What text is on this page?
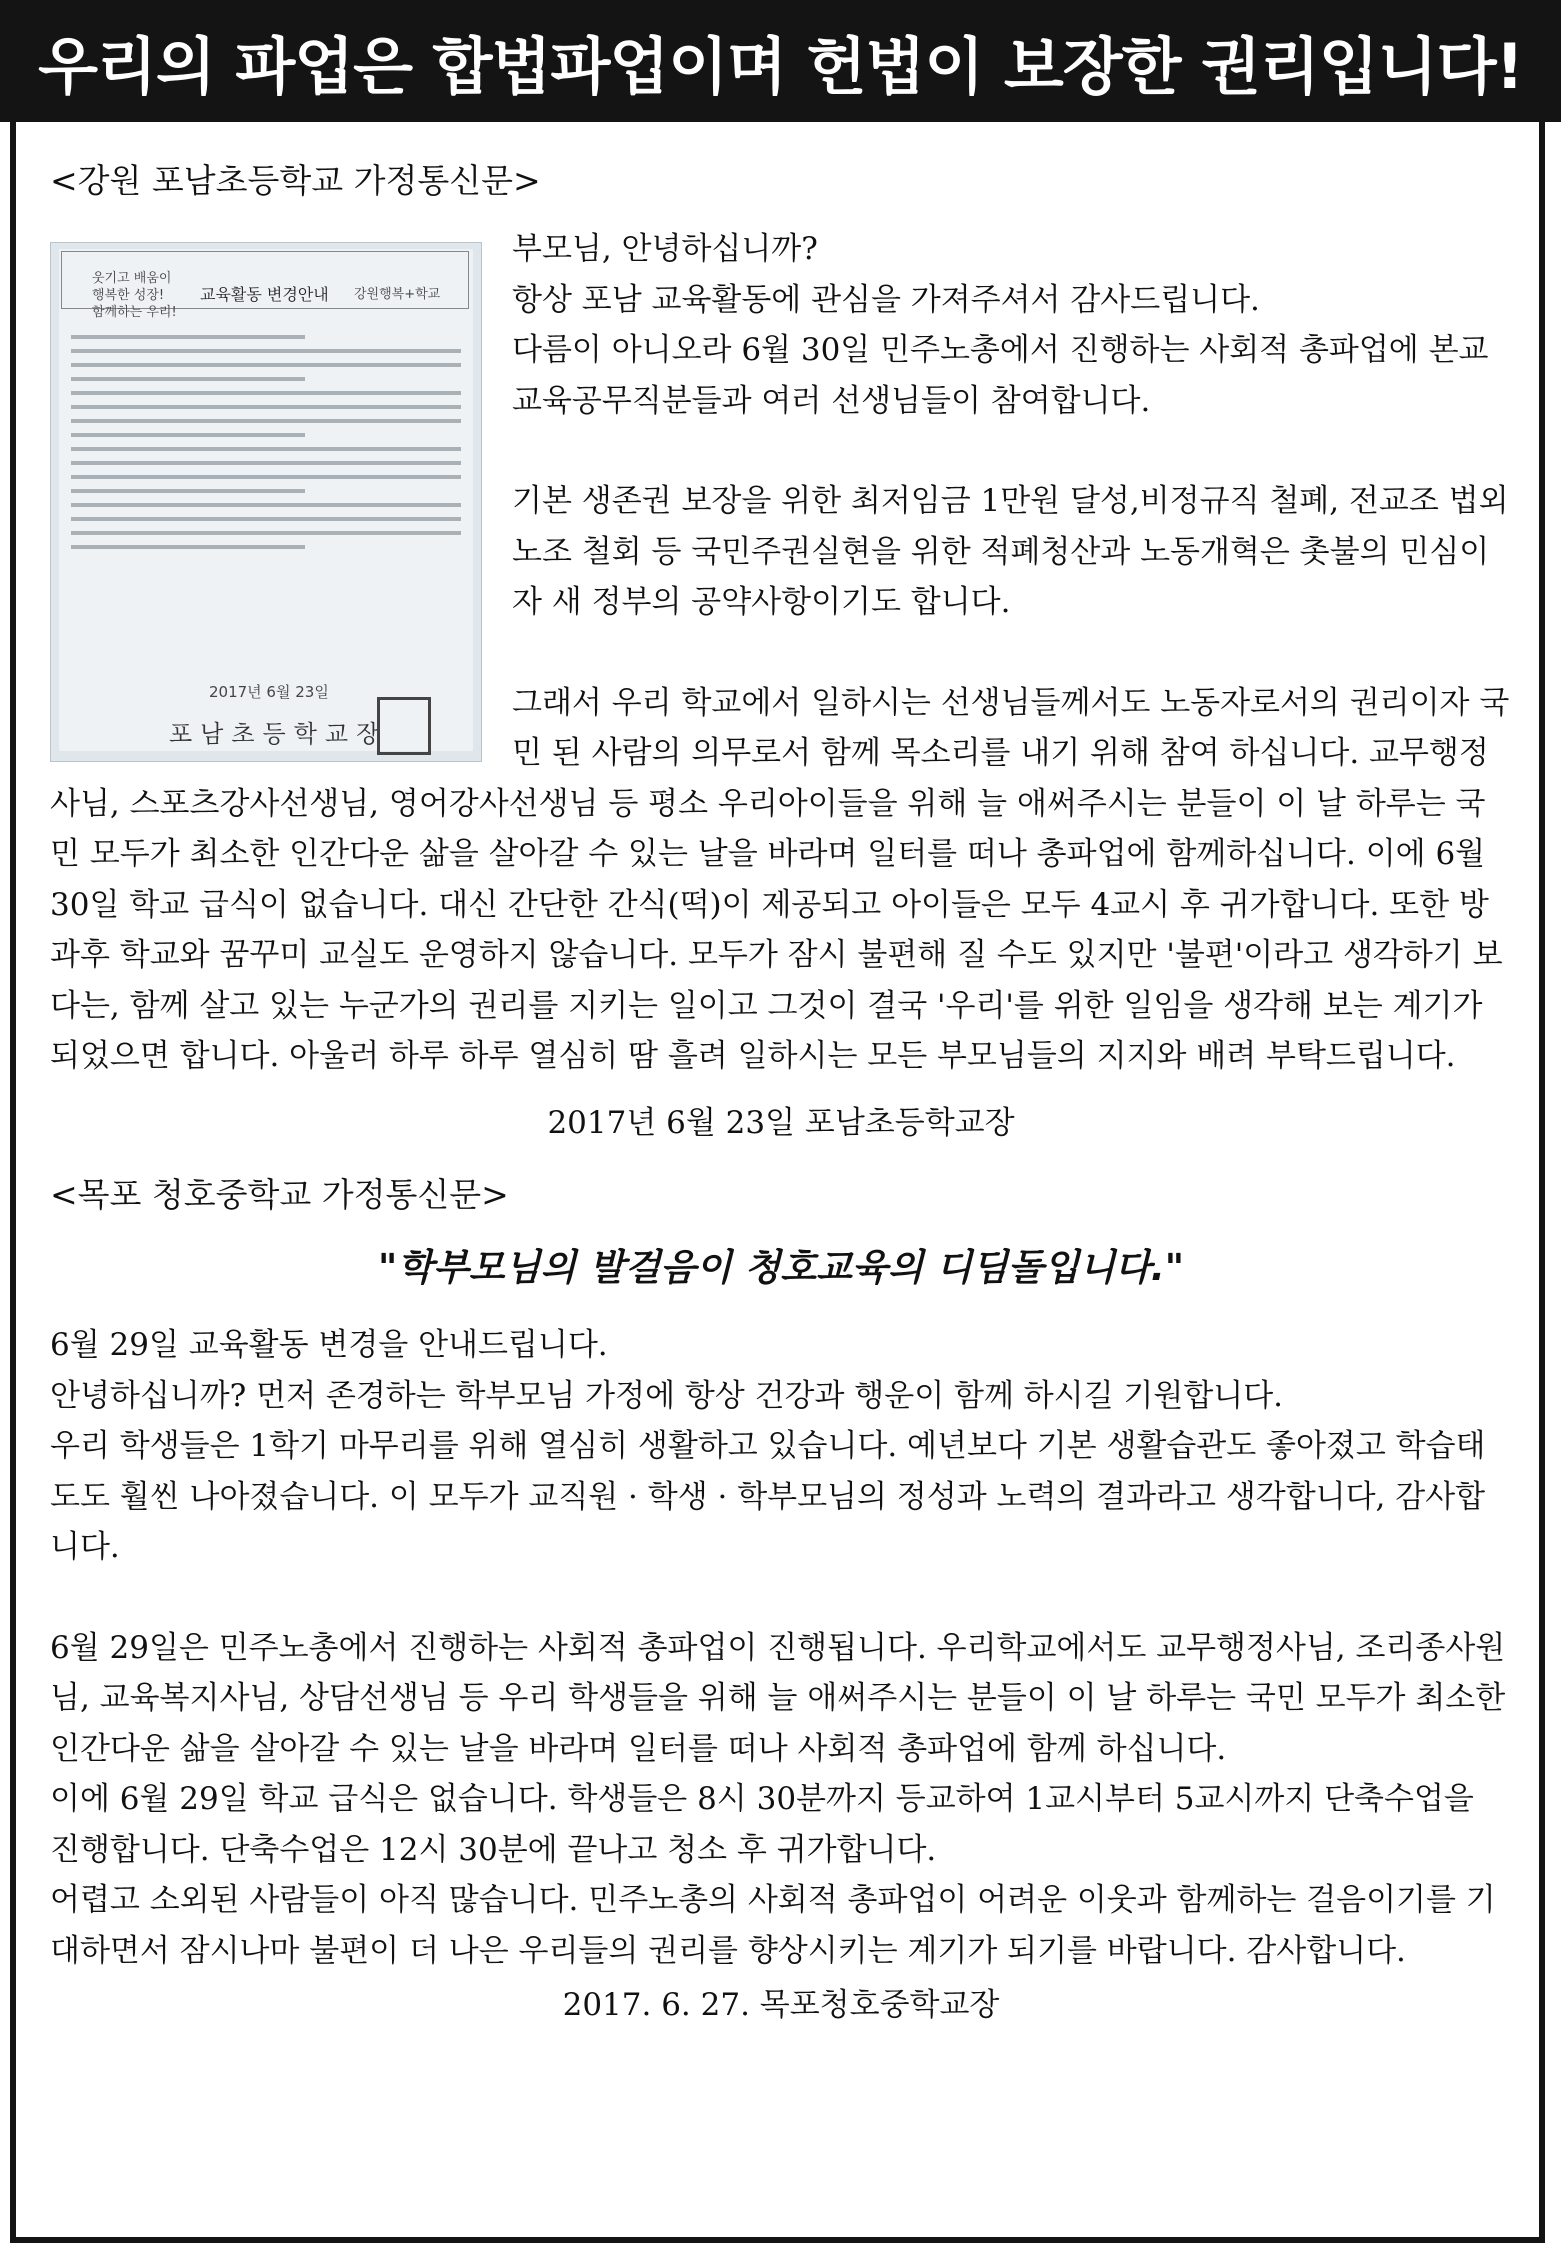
우리의 파업은 합법파업이며 헌법이 보장한 권리입니다!
<강원 포남초등학교 가정통신문>
웃기고 배움이
행복한 성장!
함께하는 우리!
교육활동 변경안내 강원행복+학교
2017년 6월 23일
포남초등학교장

부모님, 안녕하십니까?

항상 포남 교육활동에 관심을 가져주셔서 감사드립니다.

다름이 아니오라 6월 30일 민주노총에서 진행하는 사회적 총파업에 본교 교육공무직분들과 여러 선생님들이 참여합니다.

기본 생존권 보장을 위한 최저임금 1만원 달성,비정규직 철폐, 전교조 법외노조 철회 등 국민주권실현을 위한 적폐청산과 노동개혁은 촛불의 민심이자 새 정부의 공약사항이기도 합니다.

그래서 우리 학교에서 일하시는 선생님들께서도 노동자로서의 권리이자 국민 된 사람의 의무로서 함께 목소리를 내기 위해 참여 하십니다. 교무행정사님, 스포츠강사선생님, 영어강사선생님 등 평소 우리아이들을 위해 늘 애써주시는 분들이 이 날 하루는 국민 모두가 최소한 인간다운 삶을 살아갈 수 있는 날을 바라며 일터를 떠나 총파업에 함께하십니다. 이에 6월 30일 학교 급식이 없습니다. 대신 간단한 간식(떡)이 제공되고 아이들은 모두 4교시 후 귀가합니다. 또한 방과후 학교와 꿈꾸미 교실도 운영하지 않습니다. 모두가 잠시 불편해 질 수도 있지만 '불편'이라고 생각하기 보다는, 함께 살고 있는 누군가의 권리를 지키는 일이고 그것이 결국 '우리'를 위한 일임을 생각해 보는 계기가 되었으면 합니다. 아울러 하루 하루 열심히 땀 흘려 일하시는 모든 부모님들의 지지와 배려 부탁드립니다.

2017년 6월 23일 포남초등학교장
<목포 청호중학교 가정통신문>
"학부모님의 발걸음이 청호교육의 디딤돌입니다."

6월 29일 교육활동 변경을 안내드립니다.

안녕하십니까? 먼저 존경하는 학부모님 가정에 항상 건강과 행운이 함께 하시길 기원합니다.

우리 학생들은 1학기 마무리를 위해 열심히 생활하고 있습니다. 예년보다 기본 생활습관도 좋아졌고 학습태도도 훨씬 나아졌습니다. 이 모두가 교직원 · 학생 · 학부모님의 정성과 노력의 결과라고 생각합니다, 감사합니다.

6월 29일은 민주노총에서 진행하는 사회적 총파업이 진행됩니다. 우리학교에서도 교무행정사님, 조리종사원님, 교육복지사님, 상담선생님 등 우리 학생들을 위해 늘 애써주시는 분들이 이 날 하루는 국민 모두가 최소한 인간다운 삶을 살아갈 수 있는 날을 바라며 일터를 떠나 사회적 총파업에 함께 하십니다.

이에 6월 29일 학교 급식은 없습니다. 학생들은 8시 30분까지 등교하여 1교시부터 5교시까지 단축수업을 진행합니다. 단축수업은 12시 30분에 끝나고 청소 후 귀가합니다.

어렵고 소외된 사람들이 아직 많습니다. 민주노총의 사회적 총파업이 어려운 이웃과 함께하는 걸음이기를 기대하면서 잠시나마 불편이 더 나은 우리들의 권리를 향상시키는 계기가 되기를 바랍니다. 감사합니다.

2017. 6. 27. 목포청호중학교장
